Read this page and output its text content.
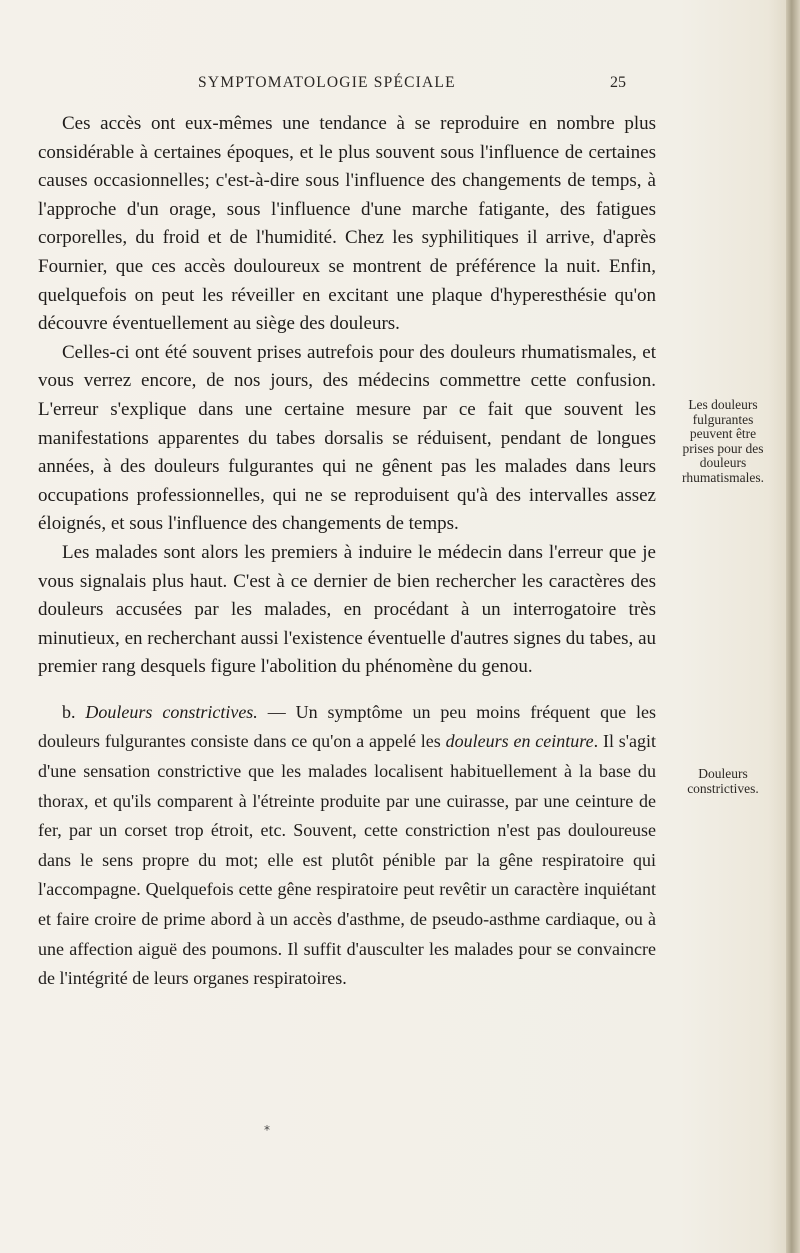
SYMPTOMATOLOGIE SPÉCIALE	25

Ces accès ont eux-mêmes une tendance à se reproduire en nombre plus considérable à certaines époques, et le plus souvent sous l'influence de certaines causes occasionnelles; c'est-à-dire sous l'influence des changements de temps, à l'approche d'un orage, sous l'influence d'une marche fatigante, des fatigues corporelles, du froid et de l'humidité. Chez les syphilitiques il arrive, d'après Fournier, que ces accès douloureux se montrent de préférence la nuit. Enfin, quelquefois on peut les réveiller en excitant une plaque d'hyperesthésie qu'on découvre éventuellement au siège des douleurs.

Celles-ci ont été souvent prises autrefois pour des douleurs rhumatismales, et vous verrez encore, de nos jours, des médecins commettre cette confusion. L'erreur s'explique dans une certaine mesure par ce fait que souvent les manifestations apparentes du tabes dorsalis se réduisent, pendant de longues années, à des douleurs fulgurantes qui ne gênent pas les malades dans leurs occupations professionnelles, qui ne se reproduisent qu'à des intervalles assez éloignés, et sous l'influence des changements de temps.

Les malades sont alors les premiers à induire le médecin dans l'erreur que je vous signalais plus haut. C'est à ce dernier de bien rechercher les caractères des douleurs accusées par les malades, en procédant à un interrogatoire très minutieux, en recherchant aussi l'existence éventuelle d'autres signes du tabes, au premier rang desquels figure l'abolition du phénomène du genou.

b. Douleurs constrictives. — Un symptôme un peu moins fréquent que les douleurs fulgurantes consiste dans ce qu'on a appelé les douleurs en ceinture. Il s'agit d'une sensation constrictive que les malades localisent habituellement à la base du thorax, et qu'ils comparent à l'étreinte produite par une cuirasse, par une ceinture de fer, par un corset trop étroit, etc. Souvent, cette constriction n'est pas douloureuse dans le sens propre du mot; elle est plutôt pénible par la gêne respiratoire qui l'accompagne. Quelquefois cette gêne respiratoire peut revêtir un caractère inquiétant et faire croire de prime abord à un accès d'asthme, de pseudo-asthme cardiaque, ou à une affection aiguë des poumons. Il suffit d'ausculter les malades pour se convaincre de l'intégrité de leurs organes respiratoires.

Les douleurs
fulgurantes
peuvent être
prises pour des
douleurs
rhumatismales.
Douleurs
constrictives.
*
